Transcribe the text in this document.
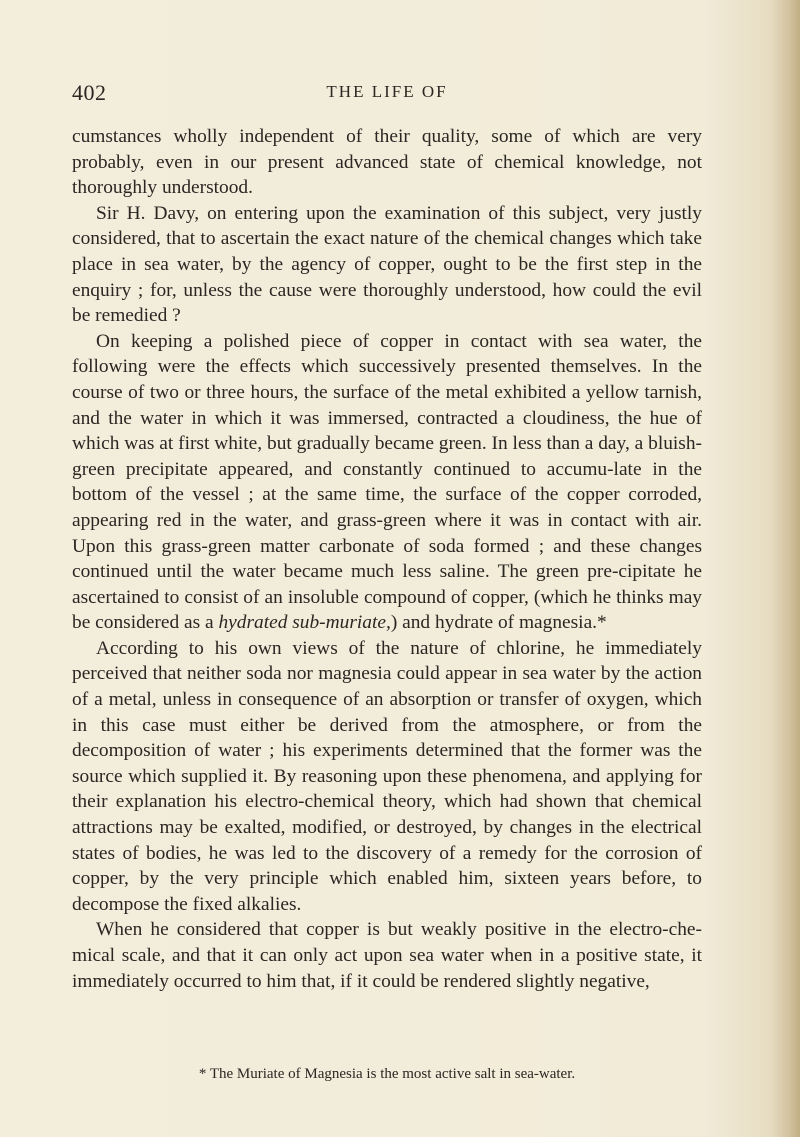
402	THE LIFE OF

cumstances wholly independent of their quality, some of which are very probably, even in our present advanced state of chemical knowledge, not thoroughly understood.

Sir H. Davy, on entering upon the examination of this subject, very justly considered, that to ascertain the exact nature of the chemical changes which take place in sea water, by the agency of copper, ought to be the first step in the enquiry ; for, unless the cause were thoroughly understood, how could the evil be remedied ?

On keeping a polished piece of copper in contact with sea water, the following were the effects which successively presented themselves. In the course of two or three hours, the surface of the metal exhibited a yellow tarnish, and the water in which it was immersed, contracted a cloudiness, the hue of which was at first white, but gradually became green. In less than a day, a bluish-green precipitate appeared, and constantly continued to accumu-late in the bottom of the vessel ; at the same time, the surface of the copper corroded, appearing red in the water, and grass-green where it was in contact with air. Upon this grass-green matter carbonate of soda formed ; and these changes continued until the water became much less saline. The green pre-cipitate he ascertained to consist of an insoluble compound of copper, (which he thinks may be considered as a hydrated sub-muriate,) and hydrate of magnesia.*

According to his own views of the nature of chlorine, he immediately perceived that neither soda nor magnesia could appear in sea water by the action of a metal, unless in consequence of an absorption or transfer of oxygen, which in this case must either be derived from the atmosphere, or from the decomposition of water ; his experiments determined that the former was the source which supplied it. By reasoning upon these phenomena, and applying for their explanation his electro-chemical theory, which had shown that chemical attractions may be exalted, modified, or destroyed, by changes in the electrical states of bodies, he was led to the discovery of a remedy for the corrosion of copper, by the very principle which enabled him, sixteen years before, to decompose the fixed alkalies.

When he considered that copper is but weakly positive in the electro-che-mical scale, and that it can only act upon sea water when in a positive state, it immediately occurred to him that, if it could be rendered slightly negative,

* The Muriate of Magnesia is the most active salt in sea-water.
